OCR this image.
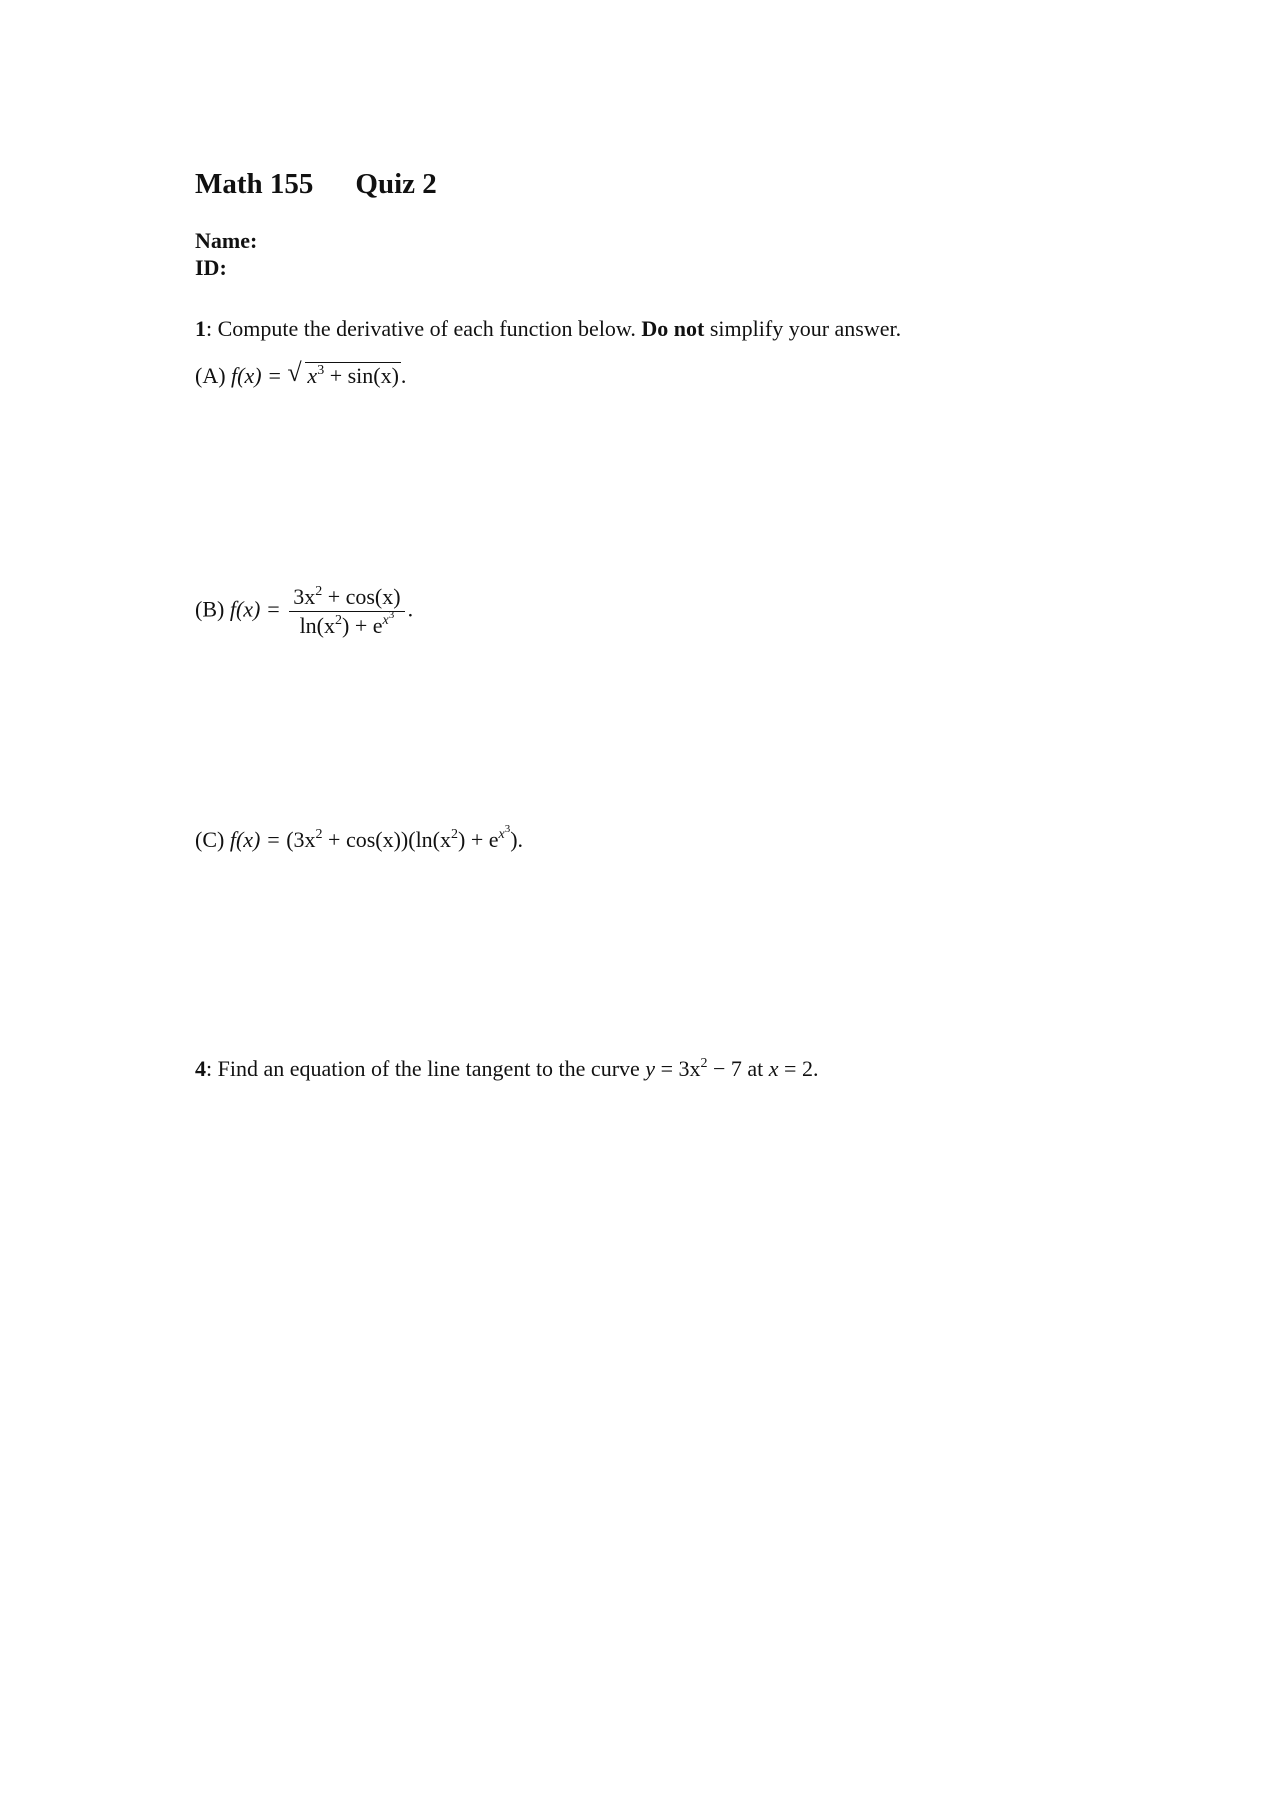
Math 155 Quiz 2
Name:
ID:
1: Compute the derivative of each function below. Do not simplify your answer.
(A) f(x) = √ $x^3 + \sin(x)$.
(B) $f(x) = \frac{3x^2 + \cos(x)}{\ln(x^2) + e^{x^3}}$ .
(C) $f(x) = (3x^2 + \cos(x))(\ln(x^2) + e^{x^3})$.
4: Find an equation of the line tangent to the curve $y = 3x^2 - 7$ at x = 2.
